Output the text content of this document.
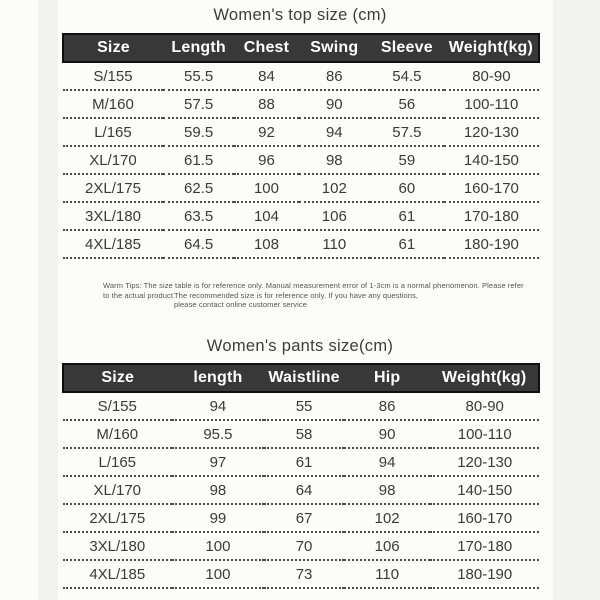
Women's top size (cm)
Size	Length	Chest	Swing	Sleeve	Weight(kg)
S/155	55.5	84	86	54.5	80-90
M/160	57.5	88	90	56	100-110
L/165	59.5	92	94	57.5	120-130
XL/170	61.5	96	98	59	140-150
2XL/175	62.5	100	102	60	160-170
3XL/180	63.5	104	106	61	170-180
4XL/185	64.5	108	110	61	180-190
Warm Tips: The size table is for reference only. Manual measurement error of 1-3cm is a normal phenomenon. Please refer to the actual product.
The recommended size is for reference only. If you have any questions, please contact online customer service
Women's pants size(cm)
Size	length	Waistline	Hip	Weight(kg)
S/155	94	55	86	80-90
M/160	95.5	58	90	100-110
L/165	97	61	94	120-130
XL/170	98	64	98	140-150
2XL/175	99	67	102	160-170
3XL/180	100	70	106	170-180
4XL/185	100	73	110	180-190
